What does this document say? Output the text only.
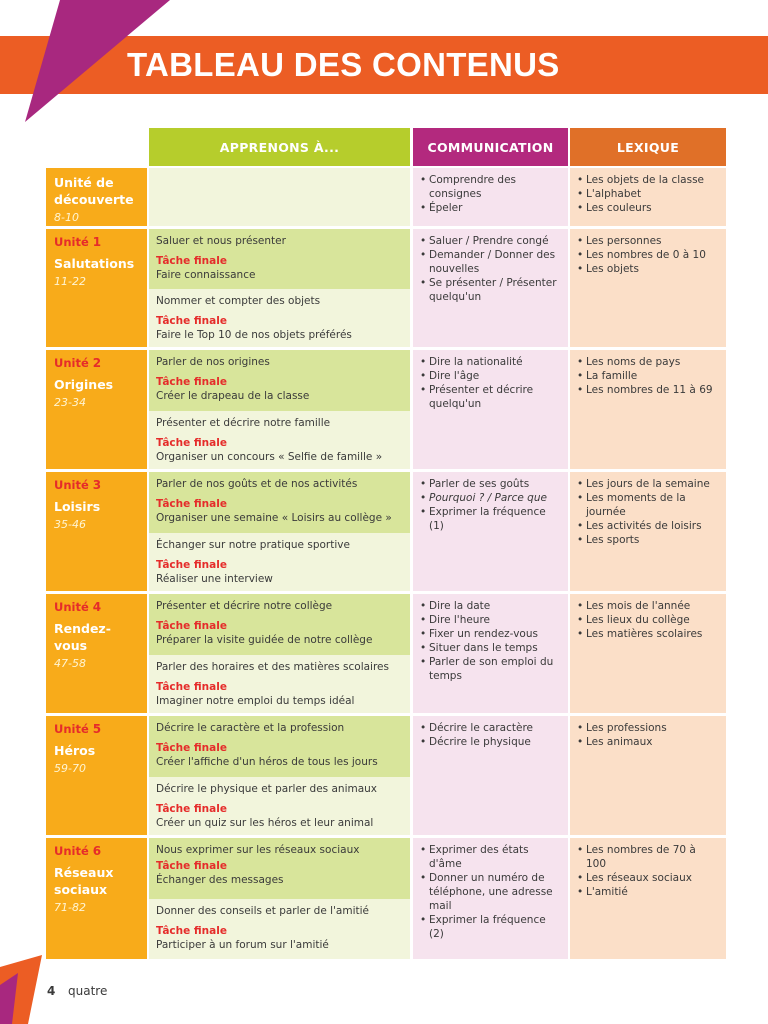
TABLEAU DES CONTENUS
APPRENONS À...	COMMUNICATION	LEXIQUE
Unité de découverte
8-10
• Comprendre des consignes
• Épeler
• Les objets de la classe
• L'alphabet
• Les couleurs
Unité 1
Salutations
11-22
Saluer et nous présenter
Tâche finale
Faire connaissance
Nommer et compter des objets
Tâche finale
Faire le Top 10 de nos objets préférés
• Saluer / Prendre congé
• Demander / Donner des nouvelles
• Se présenter / Présenter quelqu'un
• Les personnes
• Les nombres de 0 à 10
• Les objets
Unité 2
Origines
23-34
Parler de nos origines
Tâche finale
Créer le drapeau de la classe
Présenter et décrire notre famille
Tâche finale
Organiser un concours « Selfie de famille »
• Dire la nationalité
• Dire l'âge
• Présenter et décrire quelqu'un
• Les noms de pays
• La famille
• Les nombres de 11 à 69
Unité 3
Loisirs
35-46
Parler de nos goûts et de nos activités
Tâche finale
Organiser une semaine « Loisirs au collège »
Échanger sur notre pratique sportive
Tâche finale
Réaliser une interview
• Parler de ses goûts
• Pourquoi ? / Parce que
• Exprimer la fréquence (1)
• Les jours de la semaine
• Les moments de la journée
• Les activités de loisirs
• Les sports
Unité 4
Rendez-vous
47-58
Présenter et décrire notre collège
Tâche finale
Préparer la visite guidée de notre collège
Parler des horaires et des matières scolaires
Tâche finale
Imaginer notre emploi du temps idéal
• Dire la date
• Dire l'heure
• Fixer un rendez-vous
• Situer dans le temps
• Parler de son emploi du temps
• Les mois de l'année
• Les lieux du collège
• Les matières scolaires
Unité 5
Héros
59-70
Décrire le caractère et la profession
Tâche finale
Créer l'affiche d'un héros de tous les jours
Décrire le physique et parler des animaux
Tâche finale
Créer un quiz sur les héros et leur animal
• Décrire le caractère
• Décrire le physique
• Les professions
• Les animaux
Unité 6
Réseaux sociaux
71-82
Nous exprimer sur les réseaux sociaux
Tâche finale
Échanger des messages
Donner des conseils et parler de l'amitié
Tâche finale
Participer à un forum sur l'amitié
• Exprimer des états d'âme
• Donner un numéro de téléphone, une adresse mail
• Exprimer la fréquence (2)
• Les nombres de 70 à 100
• Les réseaux sociaux
• L'amitié
4 quatre
